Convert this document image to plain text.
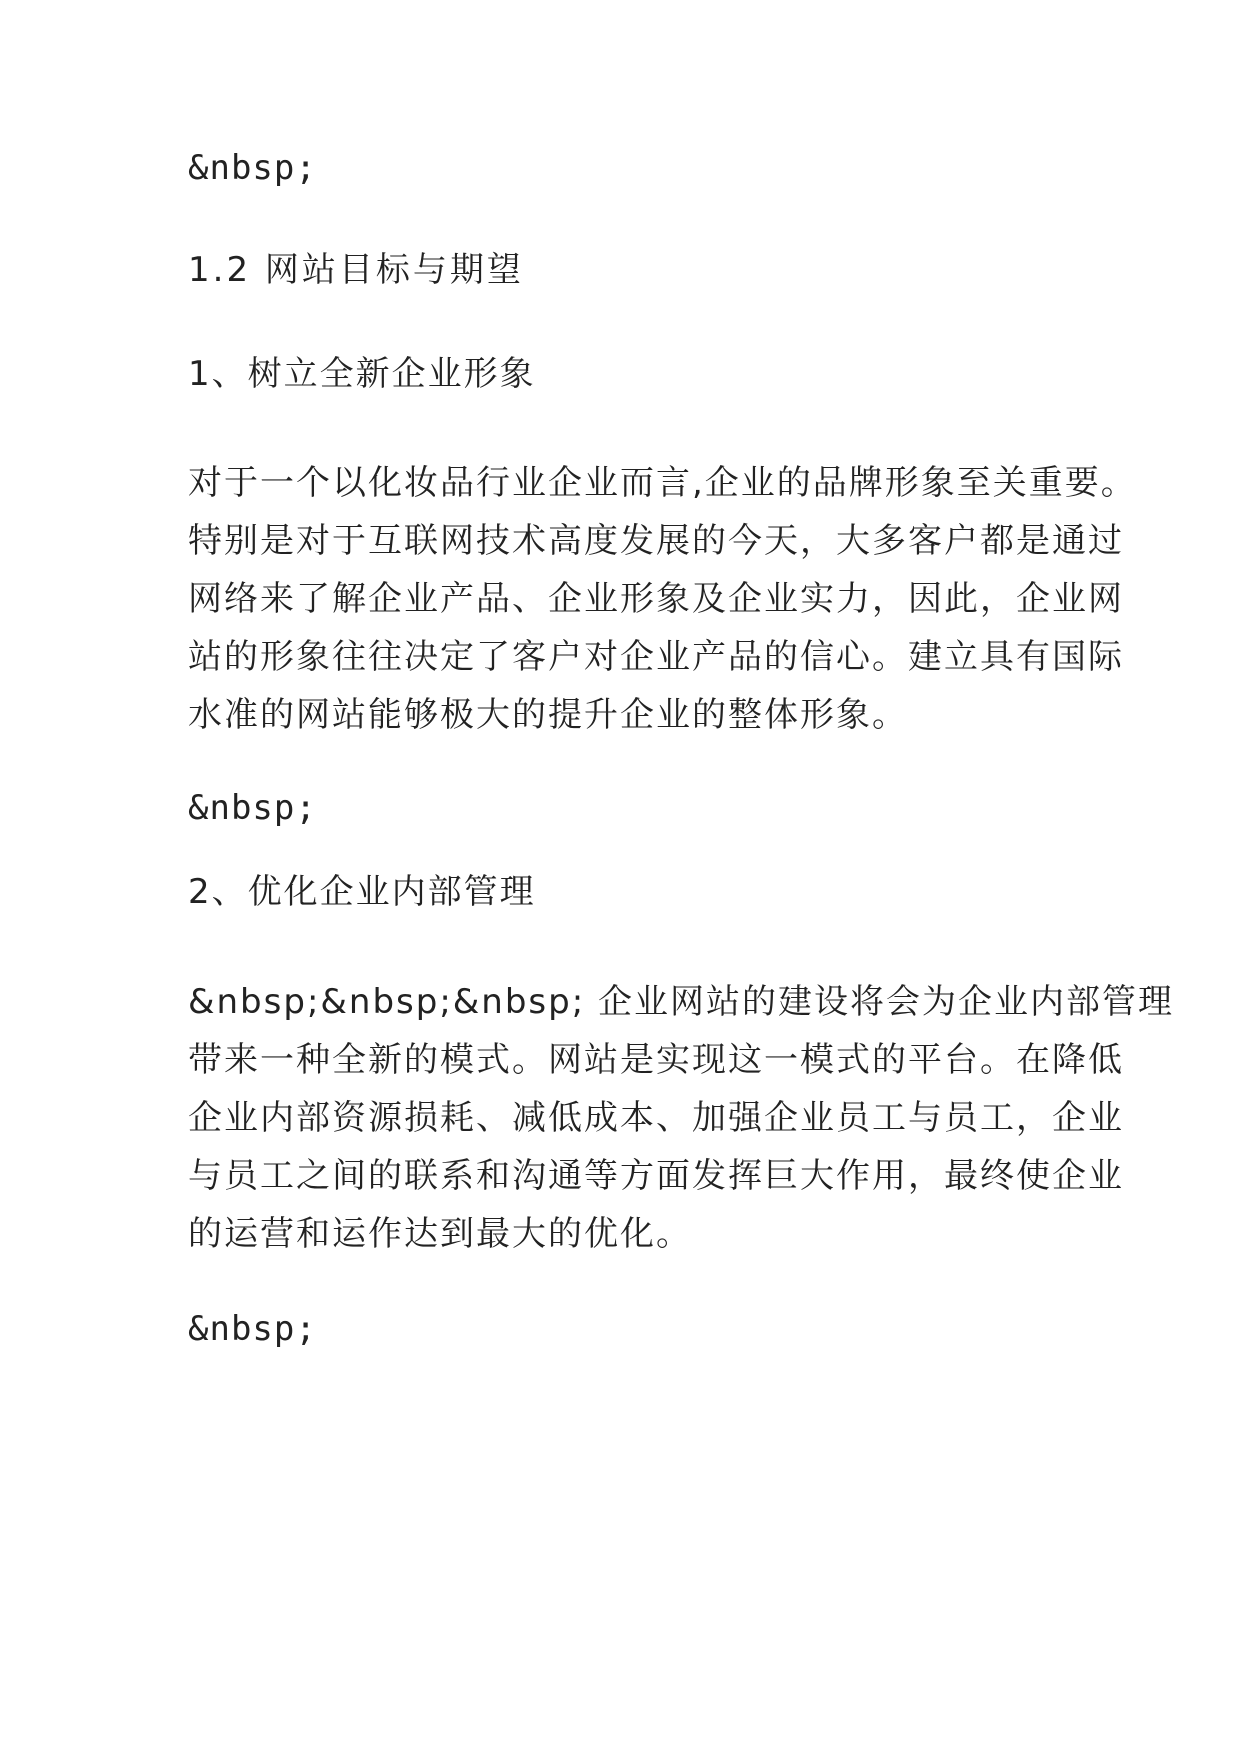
&nbsp;

1.2 网站目标与期望

1、树立全新企业形象

对于一个以化妆品行业企业而言,企业的品牌形象至关重要。
特别是对于互联网技术高度发展的今天，大多客户都是通过
网络来了解企业产品、企业形象及企业实力，因此，企业网
站的形象往往决定了客户对企业产品的信心。建立具有国际
水准的网站能够极大的提升企业的整体形象。

&nbsp;

2、优化企业内部管理

&nbsp;&nbsp;&nbsp; 企业网站的建设将会为企业内部管理
带来一种全新的模式。网站是实现这一模式的平台。在降低
企业内部资源损耗、减低成本、加强企业员工与员工，企业
与员工之间的联系和沟通等方面发挥巨大作用，最终使企业
的运营和运作达到最大的优化。

&nbsp;
